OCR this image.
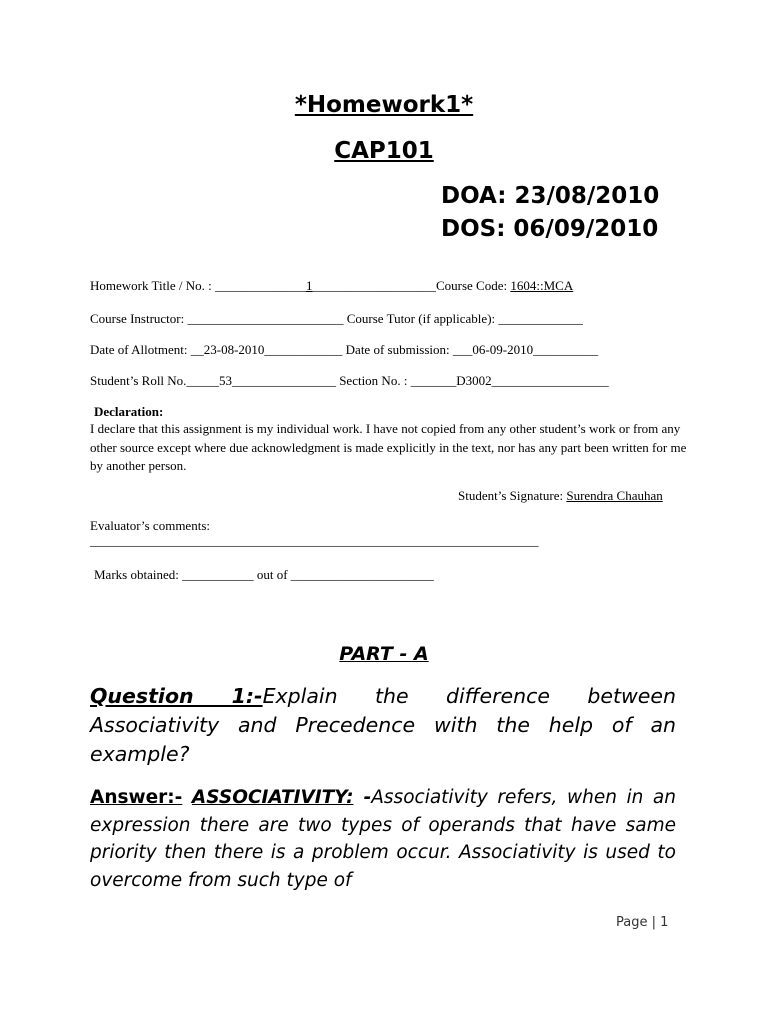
*Homework1*
CAP101
DOA: 23/08/2010
DOS: 06/09/2010
Homework Title / No. : ______________1___________________Course Code: 1604::MCA
Course Instructor: ________________________ Course Tutor (if applicable): _____________
Date of Allotment: __23-08-2010____________ Date of submission: ___06-09-2010__________
Student’s Roll No._____53________________ Section No. : _______D3002__________________
Declaration:
I declare that this assignment is my individual work. I have not copied from any other student’s work or from any other source except where due acknowledgment is made explicitly in the text, nor has any part been written for me by another person.
Student’s Signature: Surendra Chauhan
Evaluator’s comments:
_____________________________________________________________________
Marks obtained: ___________ out of ______________________
PART - A
Question 1:-Explain the difference between Associativity and Precedence with the help of an example?
Answer:- ASSOCIATIVITY: -Associativity refers, when in an expression there are two types of operands that have same priority then there is a problem occur. Associativity is used to overcome from such type of
Page | 1
